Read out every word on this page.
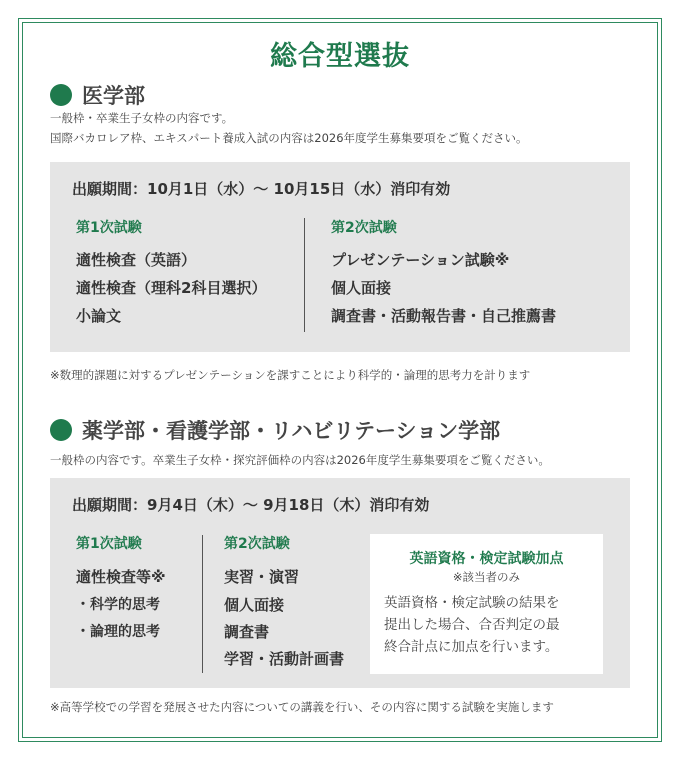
総合型選抜
医学部
一般枠・卒業生子女枠の内容です。
国際バカロレア枠、エキスパート養成入試の内容は2026年度学生募集要項をご覧ください。
出願期間：10月1日（水）〜 10月15日（水）消印有効
第1次試験
適性検査（英語）
適性検査（理科2科目選択）
小論文
第2次試験
プレゼンテーション試験※
個人面接
調査書・活動報告書・自己推薦書
※数理的課題に対するプレゼンテーションを課すことにより科学的・論理的思考力を計ります
薬学部・看護学部・リハビリテーション学部
一般枠の内容です。卒業生子女枠・探究評価枠の内容は2026年度学生募集要項をご覧ください。
出願期間：9月4日（木）〜 9月18日（木）消印有効
第1次試験
適性検査等※
・科学的思考
・論理的思考
第2次試験
実習・演習
個人面接
調査書
学習・活動計画書
英語資格・検定試験加点
※該当者のみ
英語資格・検定試験の結果を
提出した場合、合否判定の最
終合計点に加点を行います。
※高等学校での学習を発展させた内容についての講義を行い、その内容に関する試験を実施します
